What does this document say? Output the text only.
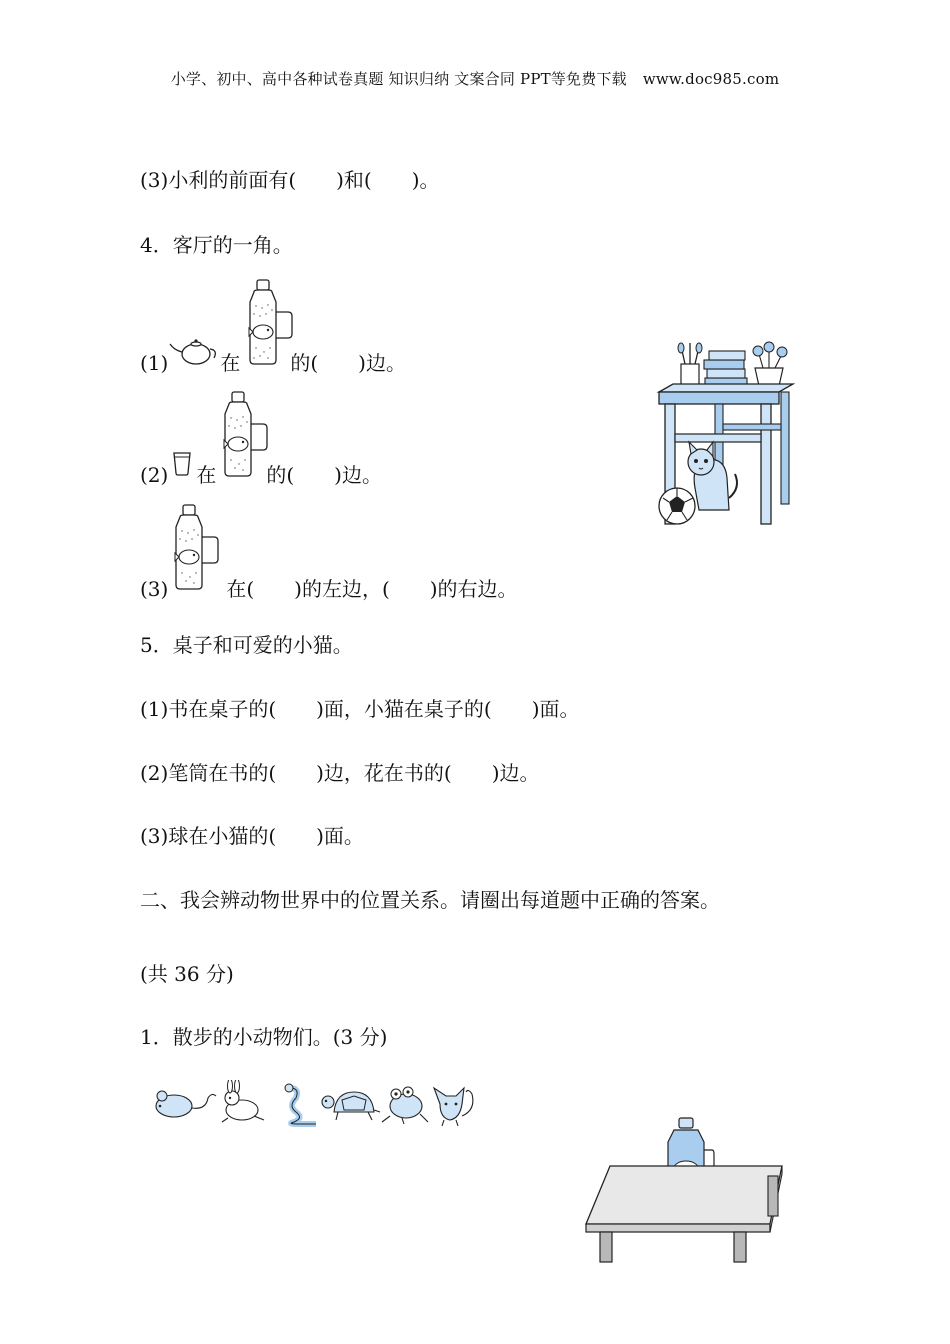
小学、初中、高中各种试卷真题 知识归纳 文案合同 PPT等免费下载 www.doc985.com
(3)小利的前面有(　　)和(　　)。
4．客厅的一角。
(1)	在	的(　　)边。
(2) 在	的(　　)边。
(3)	在(　　)的左边，(　　)的右边。
5．桌子和可爱的小猫。
(1)书在桌子的(　　)面，小猫在桌子的(　　)面。
(2)笔筒在书的(　　)边，花在书的(　　)边。
(3)球在小猫的(　　)面。
二、我会辨动物世界中的位置关系。请圈出每道题中正确的答案。
(共 36 分)
1．散步的小动物们。(3 分)
